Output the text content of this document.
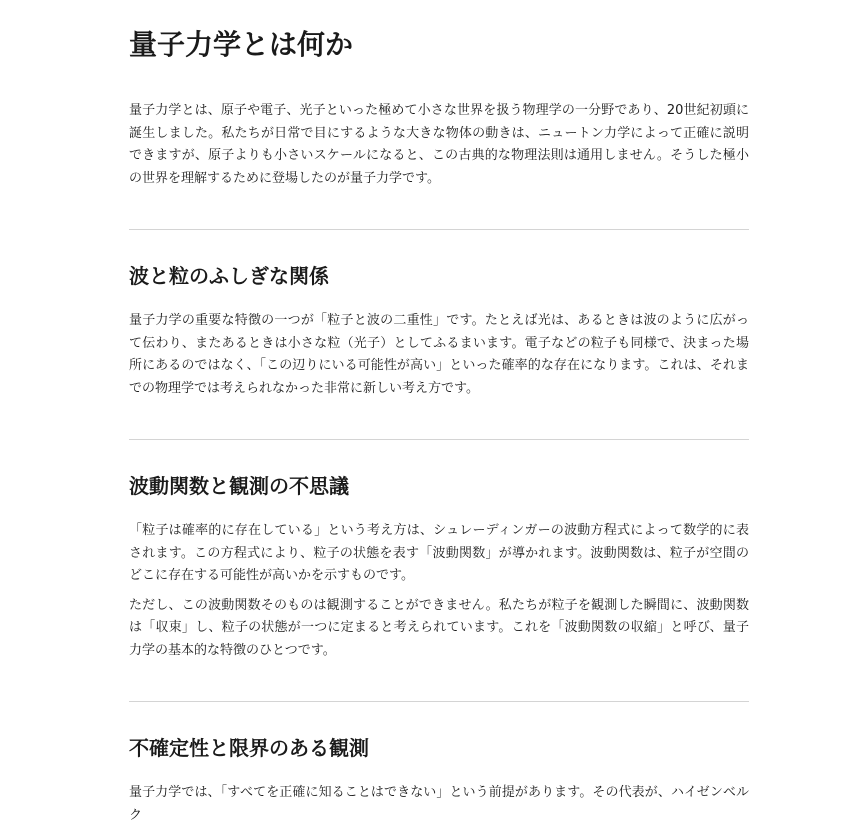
量子力学とは何か

量子力学とは、原子や電子、光子といった極めて小さな世界を扱う物理学の一分野であり、20世紀初頭に誕生しました。私たちが日常で目にするような大きな物体の動きは、ニュートン力学によって正確に説明できますが、原子よりも小さいスケールになると、この古典的な物理法則は通用しません。そうした極小の世界を理解するために登場したのが量子力学です。

波と粒のふしぎな関係

量子力学の重要な特徴の一つが「粒子と波の二重性」です。たとえば光は、あるときは波のように広がって伝わり、またあるときは小さな粒（光子）としてふるまいます。電子などの粒子も同様で、決まった場所にあるのではなく、「この辺りにいる可能性が高い」といった確率的な存在になります。これは、それまでの物理学では考えられなかった非常に新しい考え方です。

波動関数と観測の不思議

「粒子は確率的に存在している」という考え方は、シュレーディンガーの波動方程式によって数学的に表されます。この方程式により、粒子の状態を表す「波動関数」が導かれます。波動関数は、粒子が空間のどこに存在する可能性が高いかを示すものです。

ただし、この波動関数そのものは観測することができません。私たちが粒子を観測した瞬間に、波動関数は「収束」し、粒子の状態が一つに定まると考えられています。これを「波動関数の収縮」と呼び、量子力学の基本的な特徴のひとつです。

不確定性と限界のある観測

量子力学では、「すべてを正確に知ることはできない」という前提があります。その代表が、ハイゼンベルク
